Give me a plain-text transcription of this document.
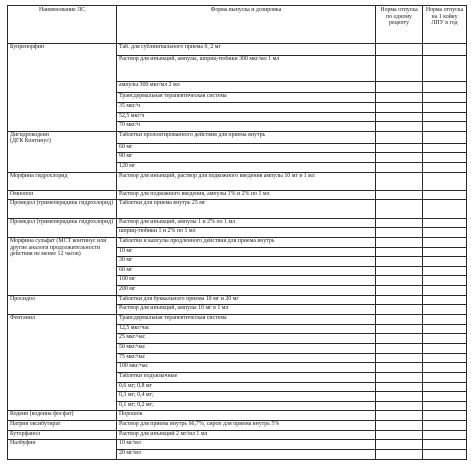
Наименование ЛС	Форма выпуска и дозировка	Норма отпуска по одному рецепту	Норма отпуска на 1 койку ЛПУ в год
Бупренорфин	Таб. для сублингвального приема 0, 2 мг		
	Раствор для инъекций, ампулы, шприц-тюбики 300 мкг/мл 1 мл		
	ампулы 300 мкг/мл 2 мл		
	Трансдермальная терапевтическая система		
	35 мкг/ч		
	52,5 мкг/ч		
	70 мкг/ч		
Дигидрокодеин
(ДГК Континус)	Таблетки пролонгированного действия для приема внутрь		
	60 мг		
	90 мг		
	120 мг		
Морфина гидрохлорид	Раствор для инъекций, раствор для подкожного введения ампулы 10 мг в 1 мл		
Омнопон	Раствор для подкожного введения, ампулы 1% и 2% по 1 мл		
Промедол (тримеперидина гидрохлорид)	Таблетки для приема внутрь 25 мг		
Промедол (тримеперидина гидрохлорид)	Раствор для инъекций, ампулы 1 и 2% по 1 мл		
	шприц-тюбики 1 и 2% по 1 мл		
Морфина сульфат (МСТ континус или другие аналоги продолжительности действия не менее 12 часов)	Таблетки и капсулы продленного действия для приема внутрь		
	10 мг		
	30 мг		
	60 мг		
	100 мг		
	200 мг		
Просидол	Таблетки для буккального приема 10 мг и 20 мг		
	Раствор для инъекций, ампулы 10 мг в 1 мл		
Фентанил	Трансдермальная терапевтическая система		
	12,5 мкг/час		
	25 мкг/час		
	50 мкг/час		
	75 мкг/час		
	100 мкг/час		
	Таблетки подъязычные		
	0,6 мг; 0,8 мг		
	0,3 мг; 0,4 мг;		
	0,1 мг; 0,2 мг;		
Кодеин (кодеина фосфат)	Порошок		
Натрия оксибутират	Раствор для приема внутрь 66,7%, сироп для приема внутрь 5%		
Буторфанол	Раствор для инъекций 2 мг/мл 1 мл		
Налбуфин	10 мг/мл		
	20 мг/мл		
